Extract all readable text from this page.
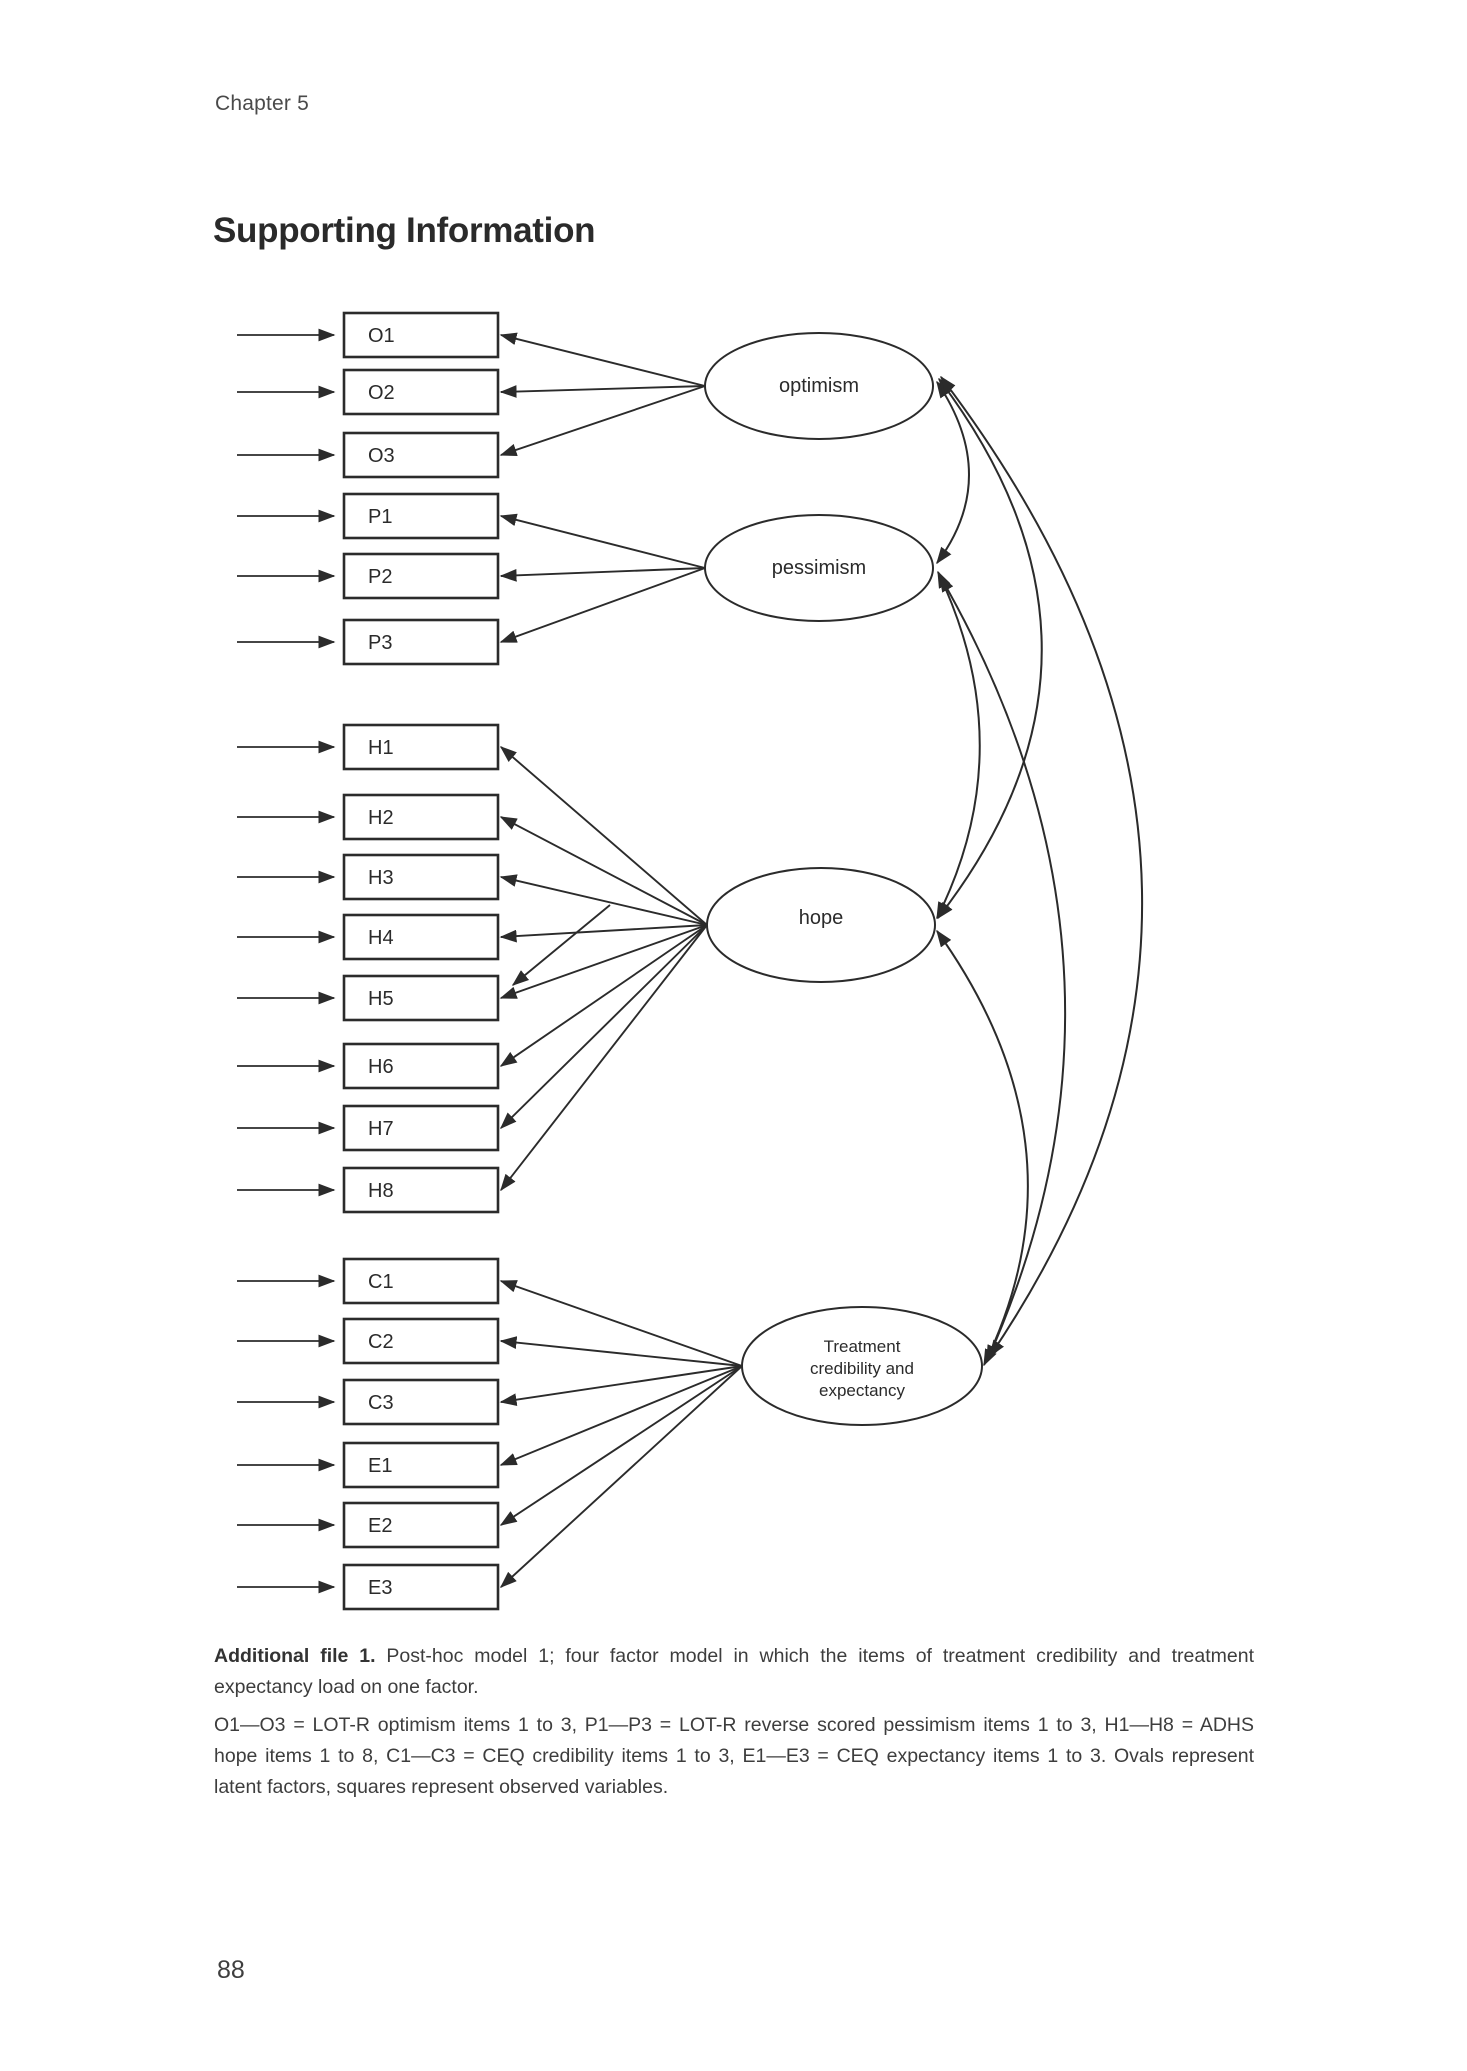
Chapter 5
Supporting Information
optimism
pessimism
hope
Treatment
credibility and
expectancy
O1
O2
O3
P1
P2
P3
H1
H2
H3
H4
H5
H6
H7
H8
C1
C2
C3
E1
E2
E3

Additional file 1. Post-hoc model 1; four factor model in which the items of treatment credibility and treatment expectancy load on one factor.

O1—O3 = LOT-R optimism items 1 to 3, P1—P3 = LOT-R reverse scored pessimism items 1 to 3, H1—H8 = ADHS hope items 1 to 8, C1—C3 = CEQ credibility items 1 to 3, E1—E3 = CEQ expectancy items 1 to 3. Ovals represent latent factors, squares represent observed variables.

88
